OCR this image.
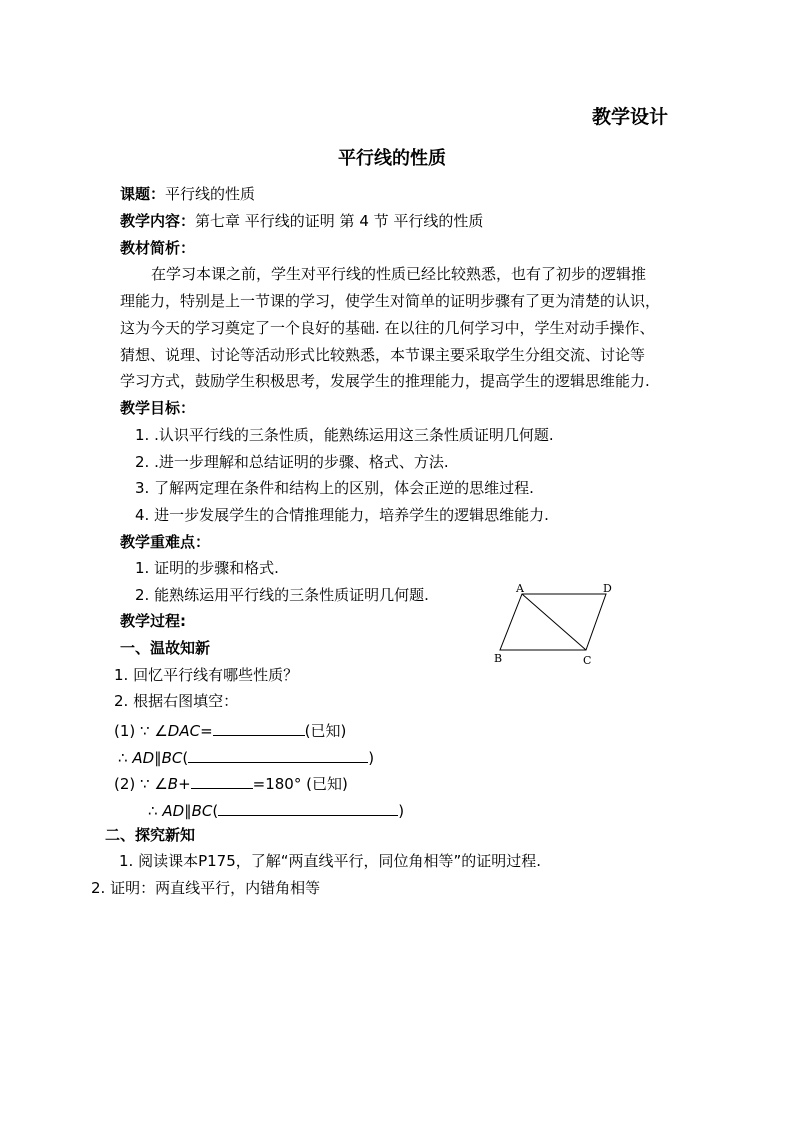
教学设计
平行线的性质
课题：平行线的性质
教学内容：第七章 平行线的证明 第 4 节 平行线的性质
教材简析：
在学习本课之前，学生对平行线的性质已经比较熟悉，也有了初步的逻辑推
理能力，特别是上一节课的学习，使学生对简单的证明步骤有了更为清楚的认识，
这为今天的学习奠定了一个良好的基础. 在以往的几何学习中，学生对动手操作、
猜想、说理、讨论等活动形式比较熟悉，本节课主要采取学生分组交流、讨论等
学习方式，鼓励学生积极思考，发展学生的推理能力，提高学生的逻辑思维能力.
教学目标：
1. .认识平行线的三条性质，能熟练运用这三条性质证明几何题.
2. .进一步理解和总结证明的步骤、格式、方法.
3. 了解两定理在条件和结构上的区别，体会正逆的思维过程.
4. 进一步发展学生的合情推理能力，培养学生的逻辑思维能力.
教学重难点：
1. 证明的步骤和格式.
2. 能熟练运用平行线的三条性质证明几何题.
教学过程:
一、温故知新
1. 回忆平行线有哪些性质？
2. 根据右图填空：
(1) ∵ ∠DAC=	(已知)
∴ AD∥BC(	)
(2) ∵ ∠B+	=180° (已知)
∴ AD∥BC(	)
二、探究新知
1. 阅读课本P175，了解“两直线平行，同位角相等”的证明过程.
2. 证明：两直线平行，内错角相等
A	D
B	C
